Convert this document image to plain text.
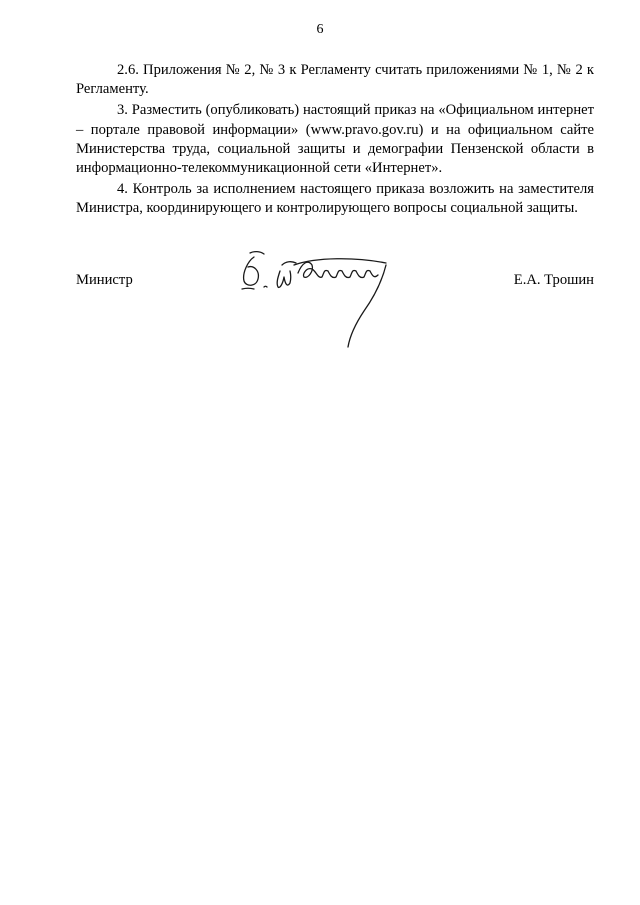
6

2.6. Приложения № 2, № 3 к Регламенту считать приложениями № 1, № 2 к Регламенту.

3. Разместить (опубликовать) настоящий приказ на «Официальном интернет – портале правовой информации» (www.pravo.gov.ru) и на официальном сайте Министерства труда, социальной защиты и демографии Пензенской области в информационно-телекоммуникационной сети «Интернет».

4. Контроль за исполнением настоящего приказа возложить на заместителя Министра, координирующего и контролирующего вопросы социальной защиты.

Министр	Е.А. Трошин
